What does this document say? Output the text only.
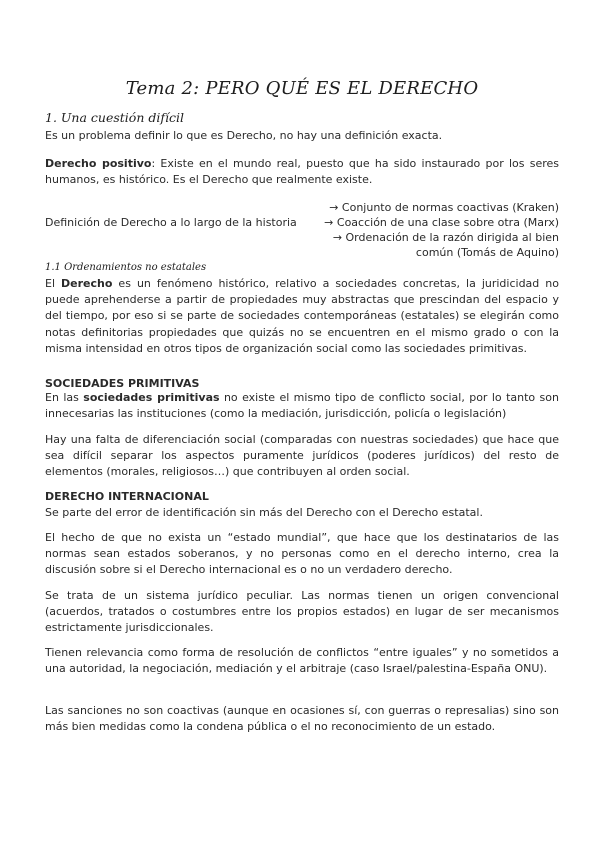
Tema 2: PERO QUÉ ES EL DERECHO
1. Una cuestión difícil
Es un problema definir lo que es Derecho, no hay una definición exacta.
Derecho positivo: Existe en el mundo real, puesto que ha sido instaurado por los seres humanos, es histórico. Es el Derecho que realmente existe.
Definición de Derecho a lo largo de la historia
→ Conjunto de normas coactivas (Kraken)
→ Coacción de una clase sobre otra (Marx)
→ Ordenación de la razón dirigida al bien
común (Tomás de Aquino)
1.1 Ordenamientos no estatales
El Derecho es un fenómeno histórico, relativo a sociedades concretas, la juridicidad no puede aprehenderse a partir de propiedades muy abstractas que prescindan del espacio y del tiempo, por eso si se parte de sociedades contemporáneas (estatales) se elegirán como notas definitorias propiedades que quizás no se encuentren en el mismo grado o con la misma intensidad en otros tipos de organización social como las sociedades primitivas.
SOCIEDADES PRIMITIVAS
En las sociedades primitivas no existe el mismo tipo de conflicto social, por lo tanto son innecesarias las instituciones (como la mediación, jurisdicción, policía o legislación)
Hay una falta de diferenciación social (comparadas con nuestras sociedades) que hace que sea difícil separar los aspectos puramente jurídicos (poderes jurídicos) del resto de elementos (morales, religiosos…) que contribuyen al orden social.
DERECHO INTERNACIONAL
Se parte del error de identificación sin más del Derecho con el Derecho estatal.
El hecho de que no exista un “estado mundial”, que hace que los destinatarios de las normas sean estados soberanos, y no personas como en el derecho interno, crea la discusión sobre si el Derecho internacional es o no un verdadero derecho.
Se trata de un sistema jurídico peculiar. Las normas tienen un origen convencional (acuerdos, tratados o costumbres entre los propios estados) en lugar de ser mecanismos estrictamente jurisdiccionales.
Tienen relevancia como forma de resolución de conflictos “entre iguales” y no sometidos a una autoridad, la negociación, mediación y el arbitraje (caso Israel/palestina-España ONU).
Las sanciones no son coactivas (aunque en ocasiones sí, con guerras o represalias) sino son más bien medidas como la condena pública o el no reconocimiento de un estado.
